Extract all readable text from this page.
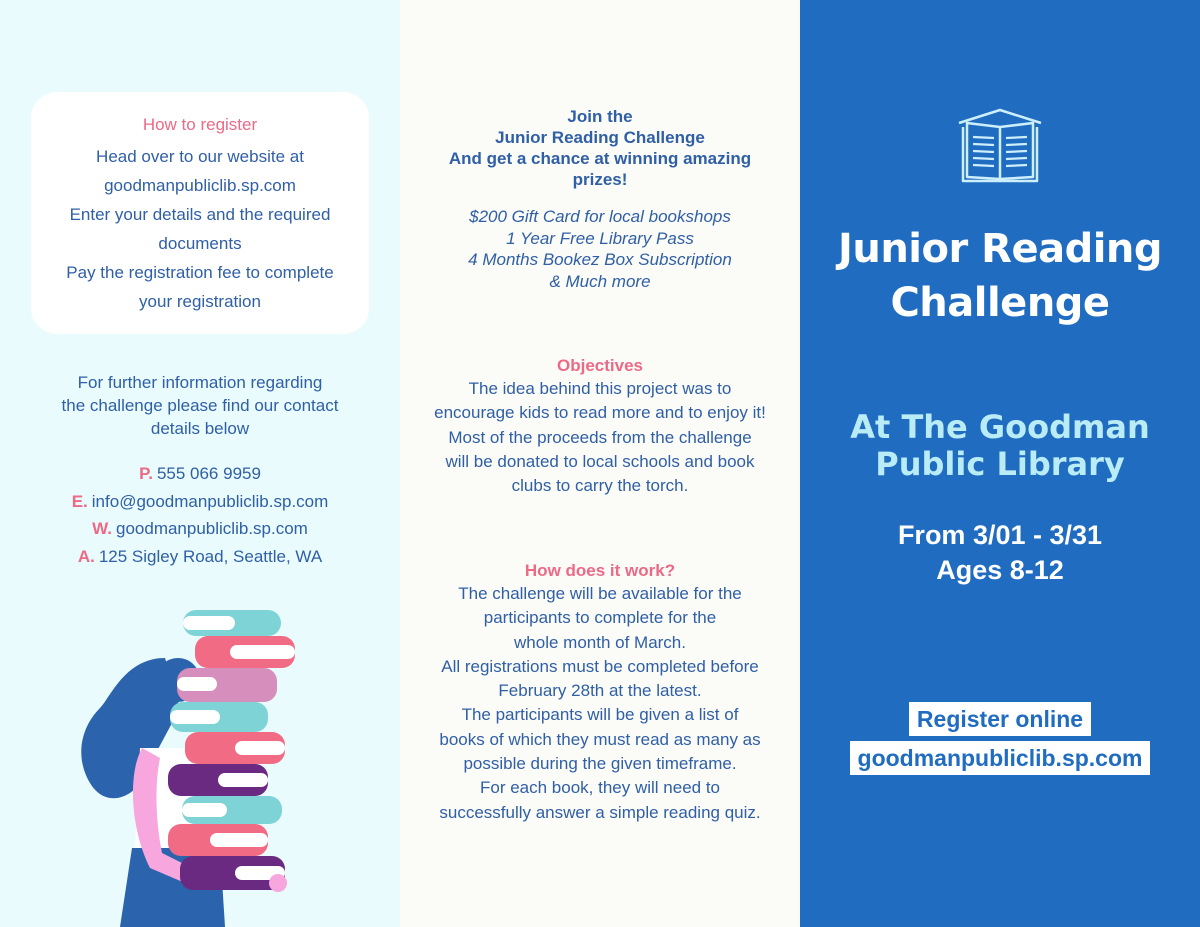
How to register
Head over to our website at
goodmanpubliclib.sp.com
Enter your details and the required
documents
Pay the registration fee to complete
your registration
For further information regarding
the challenge please find our contact
details below
P. 555 066 9959
E. info@goodmanpubliclib.sp.com
W. goodmanpubliclib.sp.com
A. 125 Sigley Road, Seattle, WA
Join the
Junior Reading Challenge
And get a chance at winning amazing
prizes!
$200 Gift Card for local bookshops
1 Year Free Library Pass
4 Months Bookez Box Subscription
& Much more
Objectives
The idea behind this project was to
encourage kids to read more and to enjoy it!
Most of the proceeds from the challenge
will be donated to local schools and book
clubs to carry the torch.
How does it work?
The challenge will be available for the
participants to complete for the
whole month of March.
All registrations must be completed before
February 28th at the latest.
The participants will be given a list of
books of which they must read as many as
possible during the given timeframe.
For each book, they will need to
successfully answer a simple reading quiz.
Junior Reading
Challenge
At The Goodman
Public Library
From 3/01 - 3/31
Ages 8-12
Register online
goodmanpubliclib.sp.com
